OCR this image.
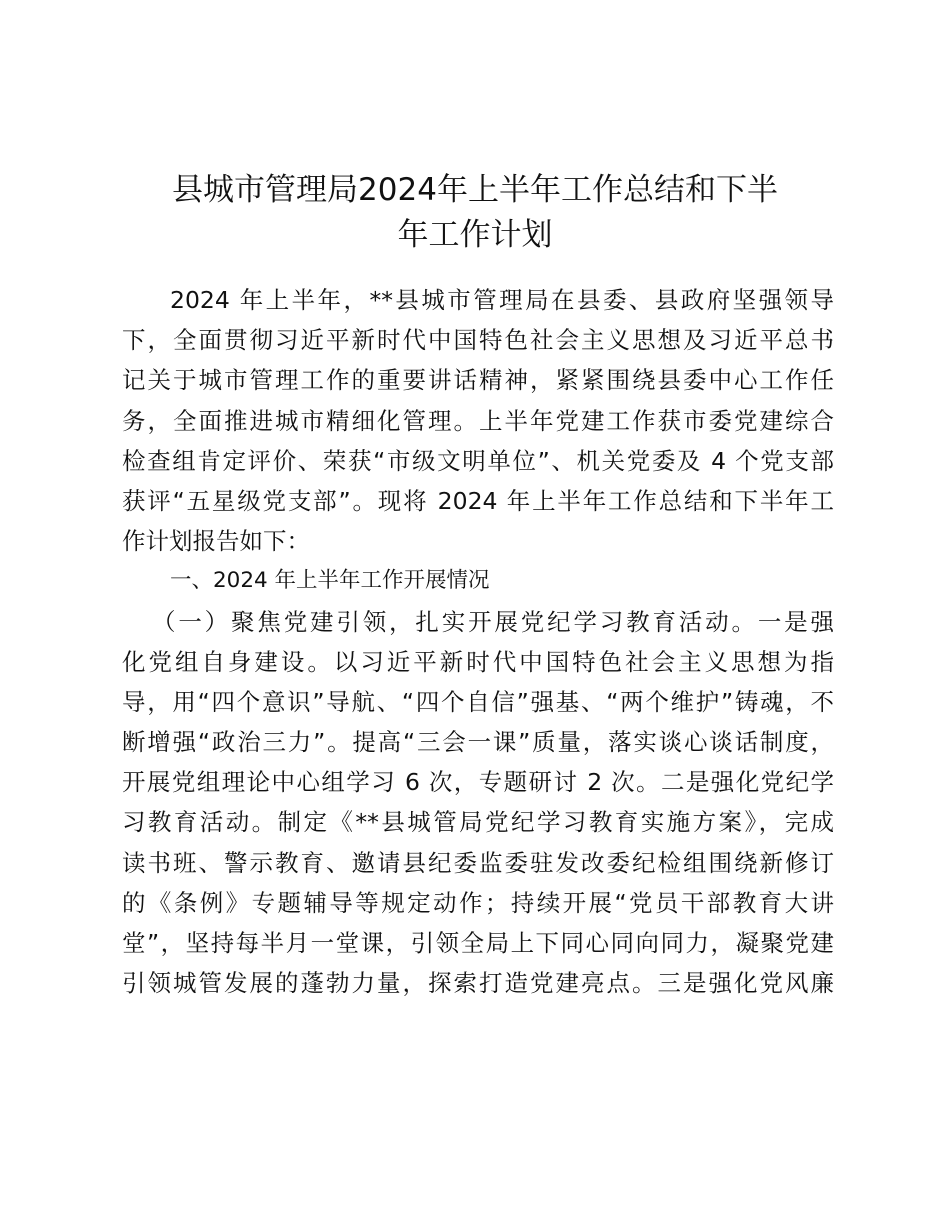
县城市管理局2024年上半年工作总结和下半
年工作计划
2024 年上半年，**县城市管理局在县委、县政府坚强领导
下，全面贯彻习近平新时代中国特色社会主义思想及习近平总书
记关于城市管理工作的重要讲话精神，紧紧围绕县委中心工作任
务，全面推进城市精细化管理。上半年党建工作获市委党建综合
检查组肯定评价、荣获“市级文明单位”、机关党委及 4 个党支部
获评“五星级党支部”。现将 2024 年上半年工作总结和下半年工
作计划报告如下：
一、2024 年上半年工作开展情况
（一）聚焦党建引领，扎实开展党纪学习教育活动。一是强
化党组自身建设。以习近平新时代中国特色社会主义思想为指
导，用“四个意识”导航、“四个自信”强基、“两个维护”铸魂，不
断增强“政治三力”。提高“三会一课”质量，落实谈心谈话制度，
开展党组理论中心组学习 6 次，专题研讨 2 次。二是强化党纪学
习教育活动。制定《**县城管局党纪学习教育实施方案》，完成
读书班、警示教育、邀请县纪委监委驻发改委纪检组围绕新修订
的《条例》专题辅导等规定动作；持续开展“党员干部教育大讲
堂”，坚持每半月一堂课，引领全局上下同心同向同力，凝聚党建
引领城管发展的蓬勃力量，探索打造党建亮点。三是强化党风廉
